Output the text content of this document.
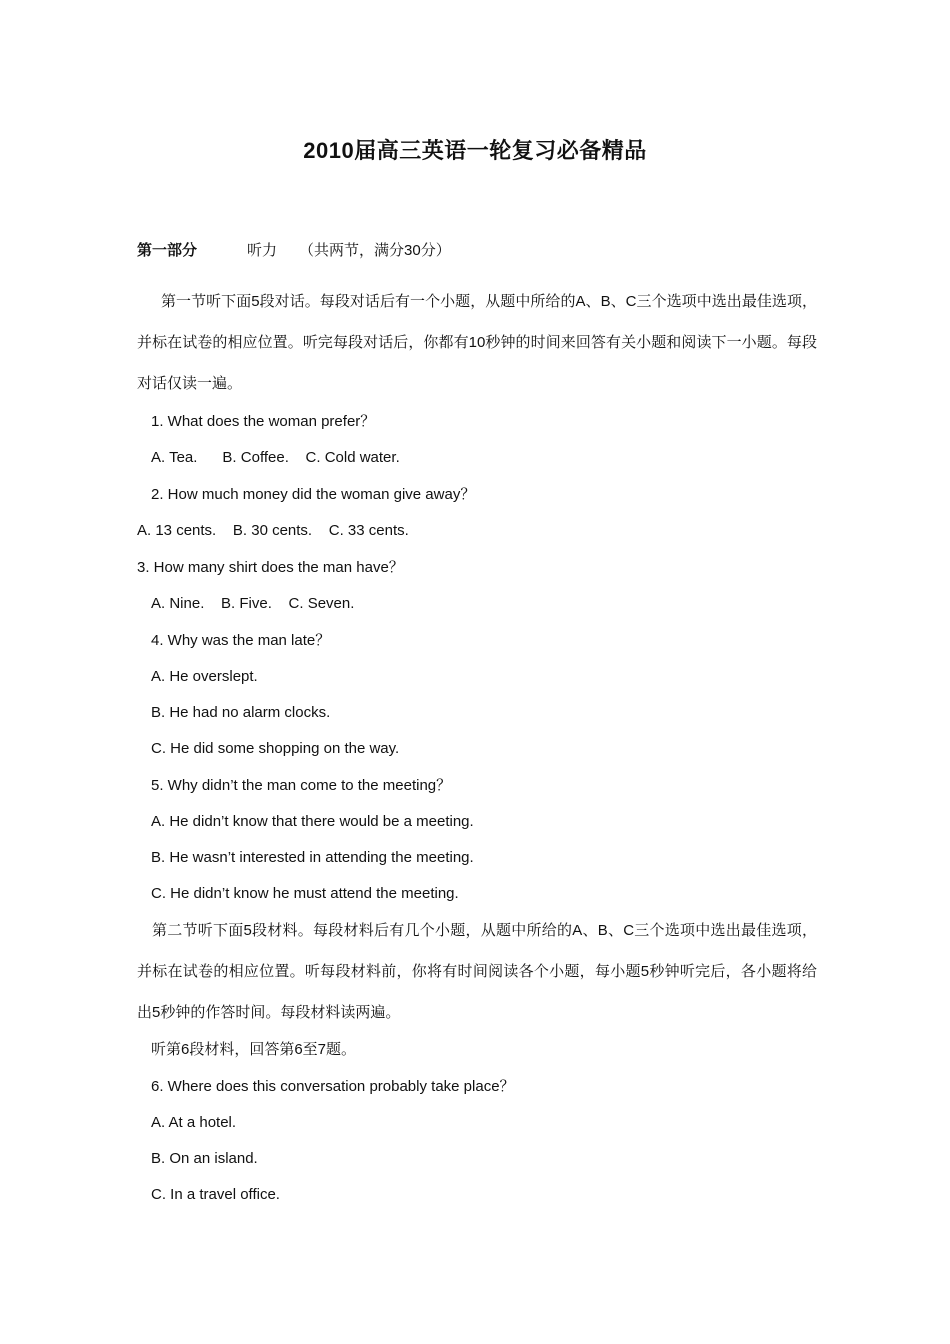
2010届高三英语一轮复习必备精品
第一部分	听力 （共两节，满分30分）
第一节听下面5段对话。每段对话后有一个小题，从题中所给的A、B、C三个选项中选出最佳选项，并标在试卷的相应位置。听完每段对话后，你都有10秒钟的时间来回答有关小题和阅读下一小题。每段对话仅读一遍。
1. What does the woman prefer？
A. Tea.      B. Coffee.    C. Cold water.
2. How much money did the woman give away？
A. 13 cents.    B. 30 cents.    C. 33 cents.
3. How many shirt does the man have？
A. Nine.    B. Five.    C. Seven.
4. Why was the man late？
A. He overslept.
B. He had no alarm clocks.
C. He did some shopping on the way.
5. Why didn’t the man come to the meeting？
A. He didn’t know that there would be a meeting.
B. He wasn’t interested in attending the meeting.
C. He didn’t know he must attend the meeting.
第二节听下面5段材料。每段材料后有几个小题，从题中所给的A、B、C三个选项中选出最佳选项，并标在试卷的相应位置。听每段材料前，你将有时间阅读各个小题，每小题5秒钟听完后，各小题将给出5秒钟的作答时间。每段材料读两遍。
听第6段材料，回答第6至7题。
6. Where does this conversation probably take place？
A. At a hotel.
B. On an island.
C. In a travel office.
